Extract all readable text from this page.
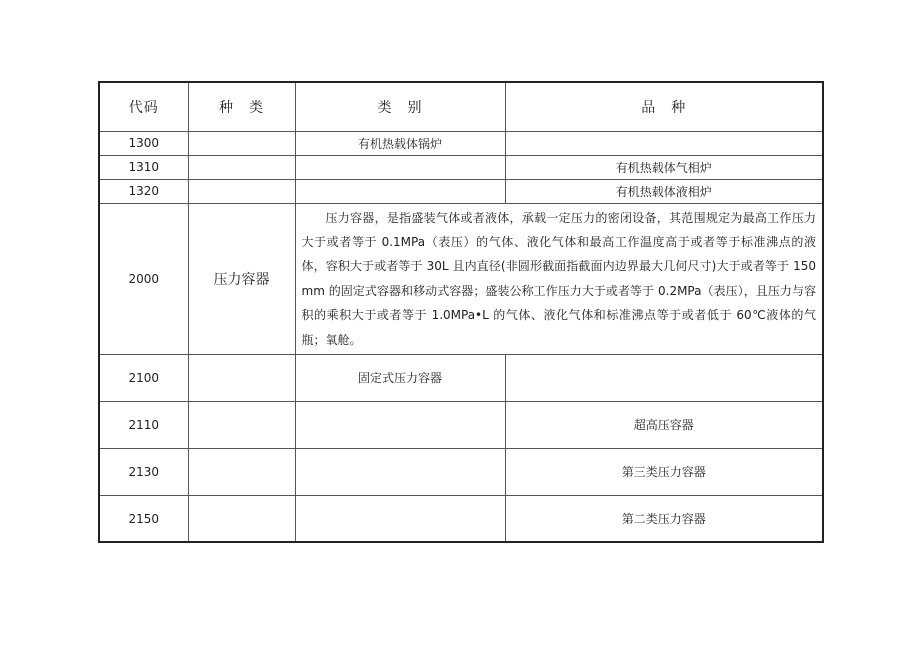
代码	种　类	类　别	品　种
1300		有机热载体锅炉	
1310			有机热载体气相炉
1320			有机热载体液相炉
2000	压力容器	压力容器，是指盛装气体或者液体，承载一定压力的密闭设备，其范围规定为最高工作压力大于或者等于 0.1MPa（表压）的气体、液化气体和最高工作温度高于或者等于标准沸点的液体，容积大于或者等于 30L 且内直径(非圆形截面指截面内边界最大几何尺寸)大于或者等于 150mm 的固定式容器和移动式容器；盛装公称工作压力大于或者等于 0.2MPa（表压），且压力与容积的乘积大于或者等于 1.0MPa•L 的气体、液化气体和标准沸点等于或者低于 60℃液体的气瓶；氧舱。	

2100		固定式压力容器	
2110			超高压容器
2130			第三类压力容器
2150			第二类压力容器
